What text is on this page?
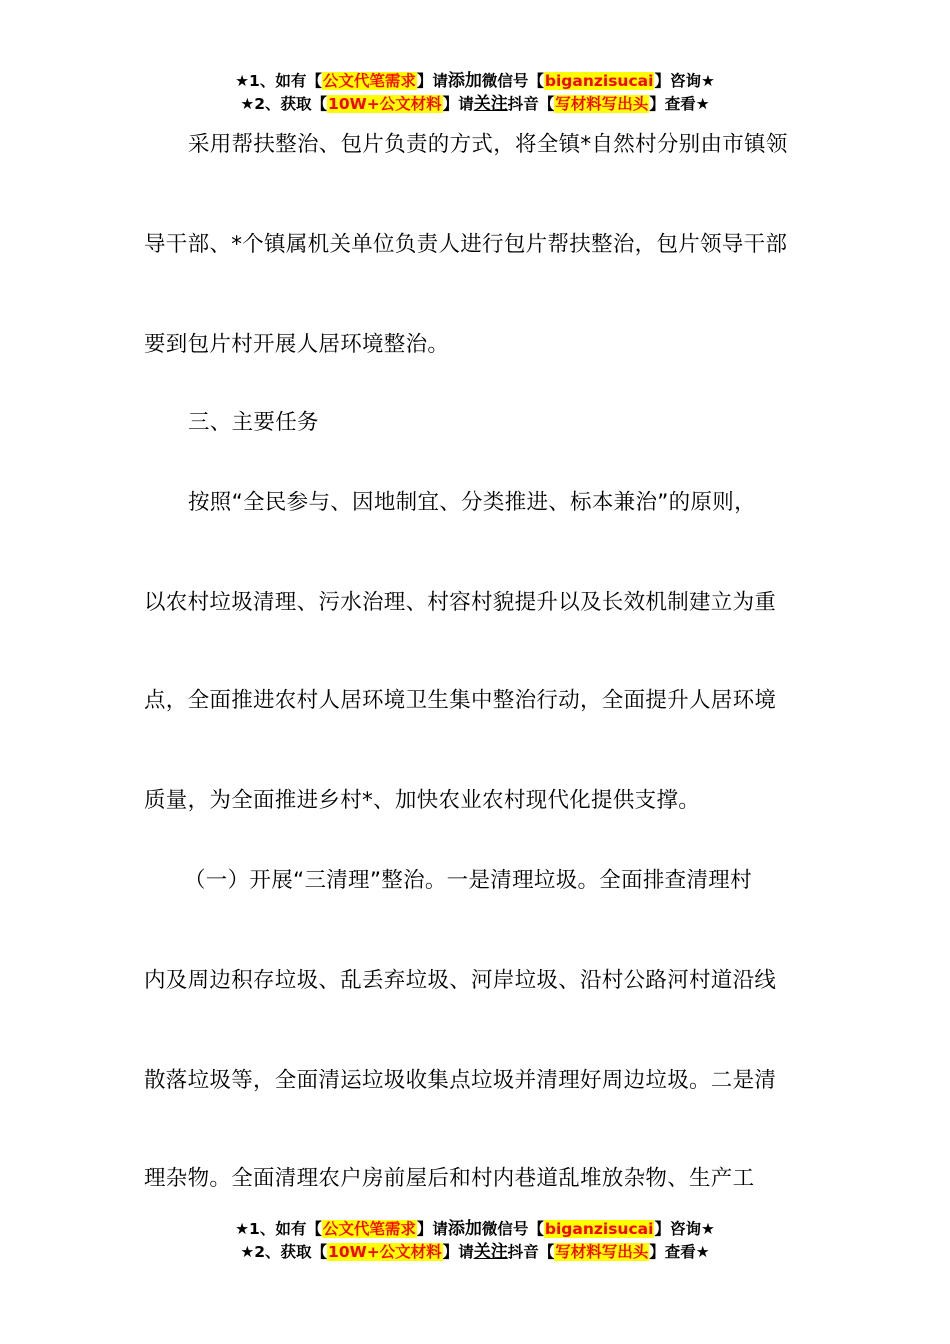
★1、如有【公文代笔需求】请添加微信号【biganzisucai】咨询★
★2、获取【10W+公文材料】请关注抖音【写材料写出头】查看★
采用帮扶整治、包片负责的方式，将全镇*自然村分别由市镇领
导干部、*个镇属机关单位负责人进行包片帮扶整治，包片领导干部
要到包片村开展人居环境整治。
三、主要任务
按照“全民参与、因地制宜、分类推进、标本兼治”的原则，
以农村垃圾清理、污水治理、村容村貌提升以及长效机制建立为重
点，全面推进农村人居环境卫生集中整治行动，全面提升人居环境
质量，为全面推进乡村*、加快农业农村现代化提供支撑。
（一）开展“三清理”整治。一是清理垃圾。全面排查清理村
内及周边积存垃圾、乱丢弃垃圾、河岸垃圾、沿村公路河村道沿线
散落垃圾等，全面清运垃圾收集点垃圾并清理好周边垃圾。二是清
理杂物。全面清理农户房前屋后和村内巷道乱堆放杂物、生产工
★1、如有【公文代笔需求】请添加微信号【biganzisucai】咨询★
★2、获取【10W+公文材料】请关注抖音【写材料写出头】查看★
